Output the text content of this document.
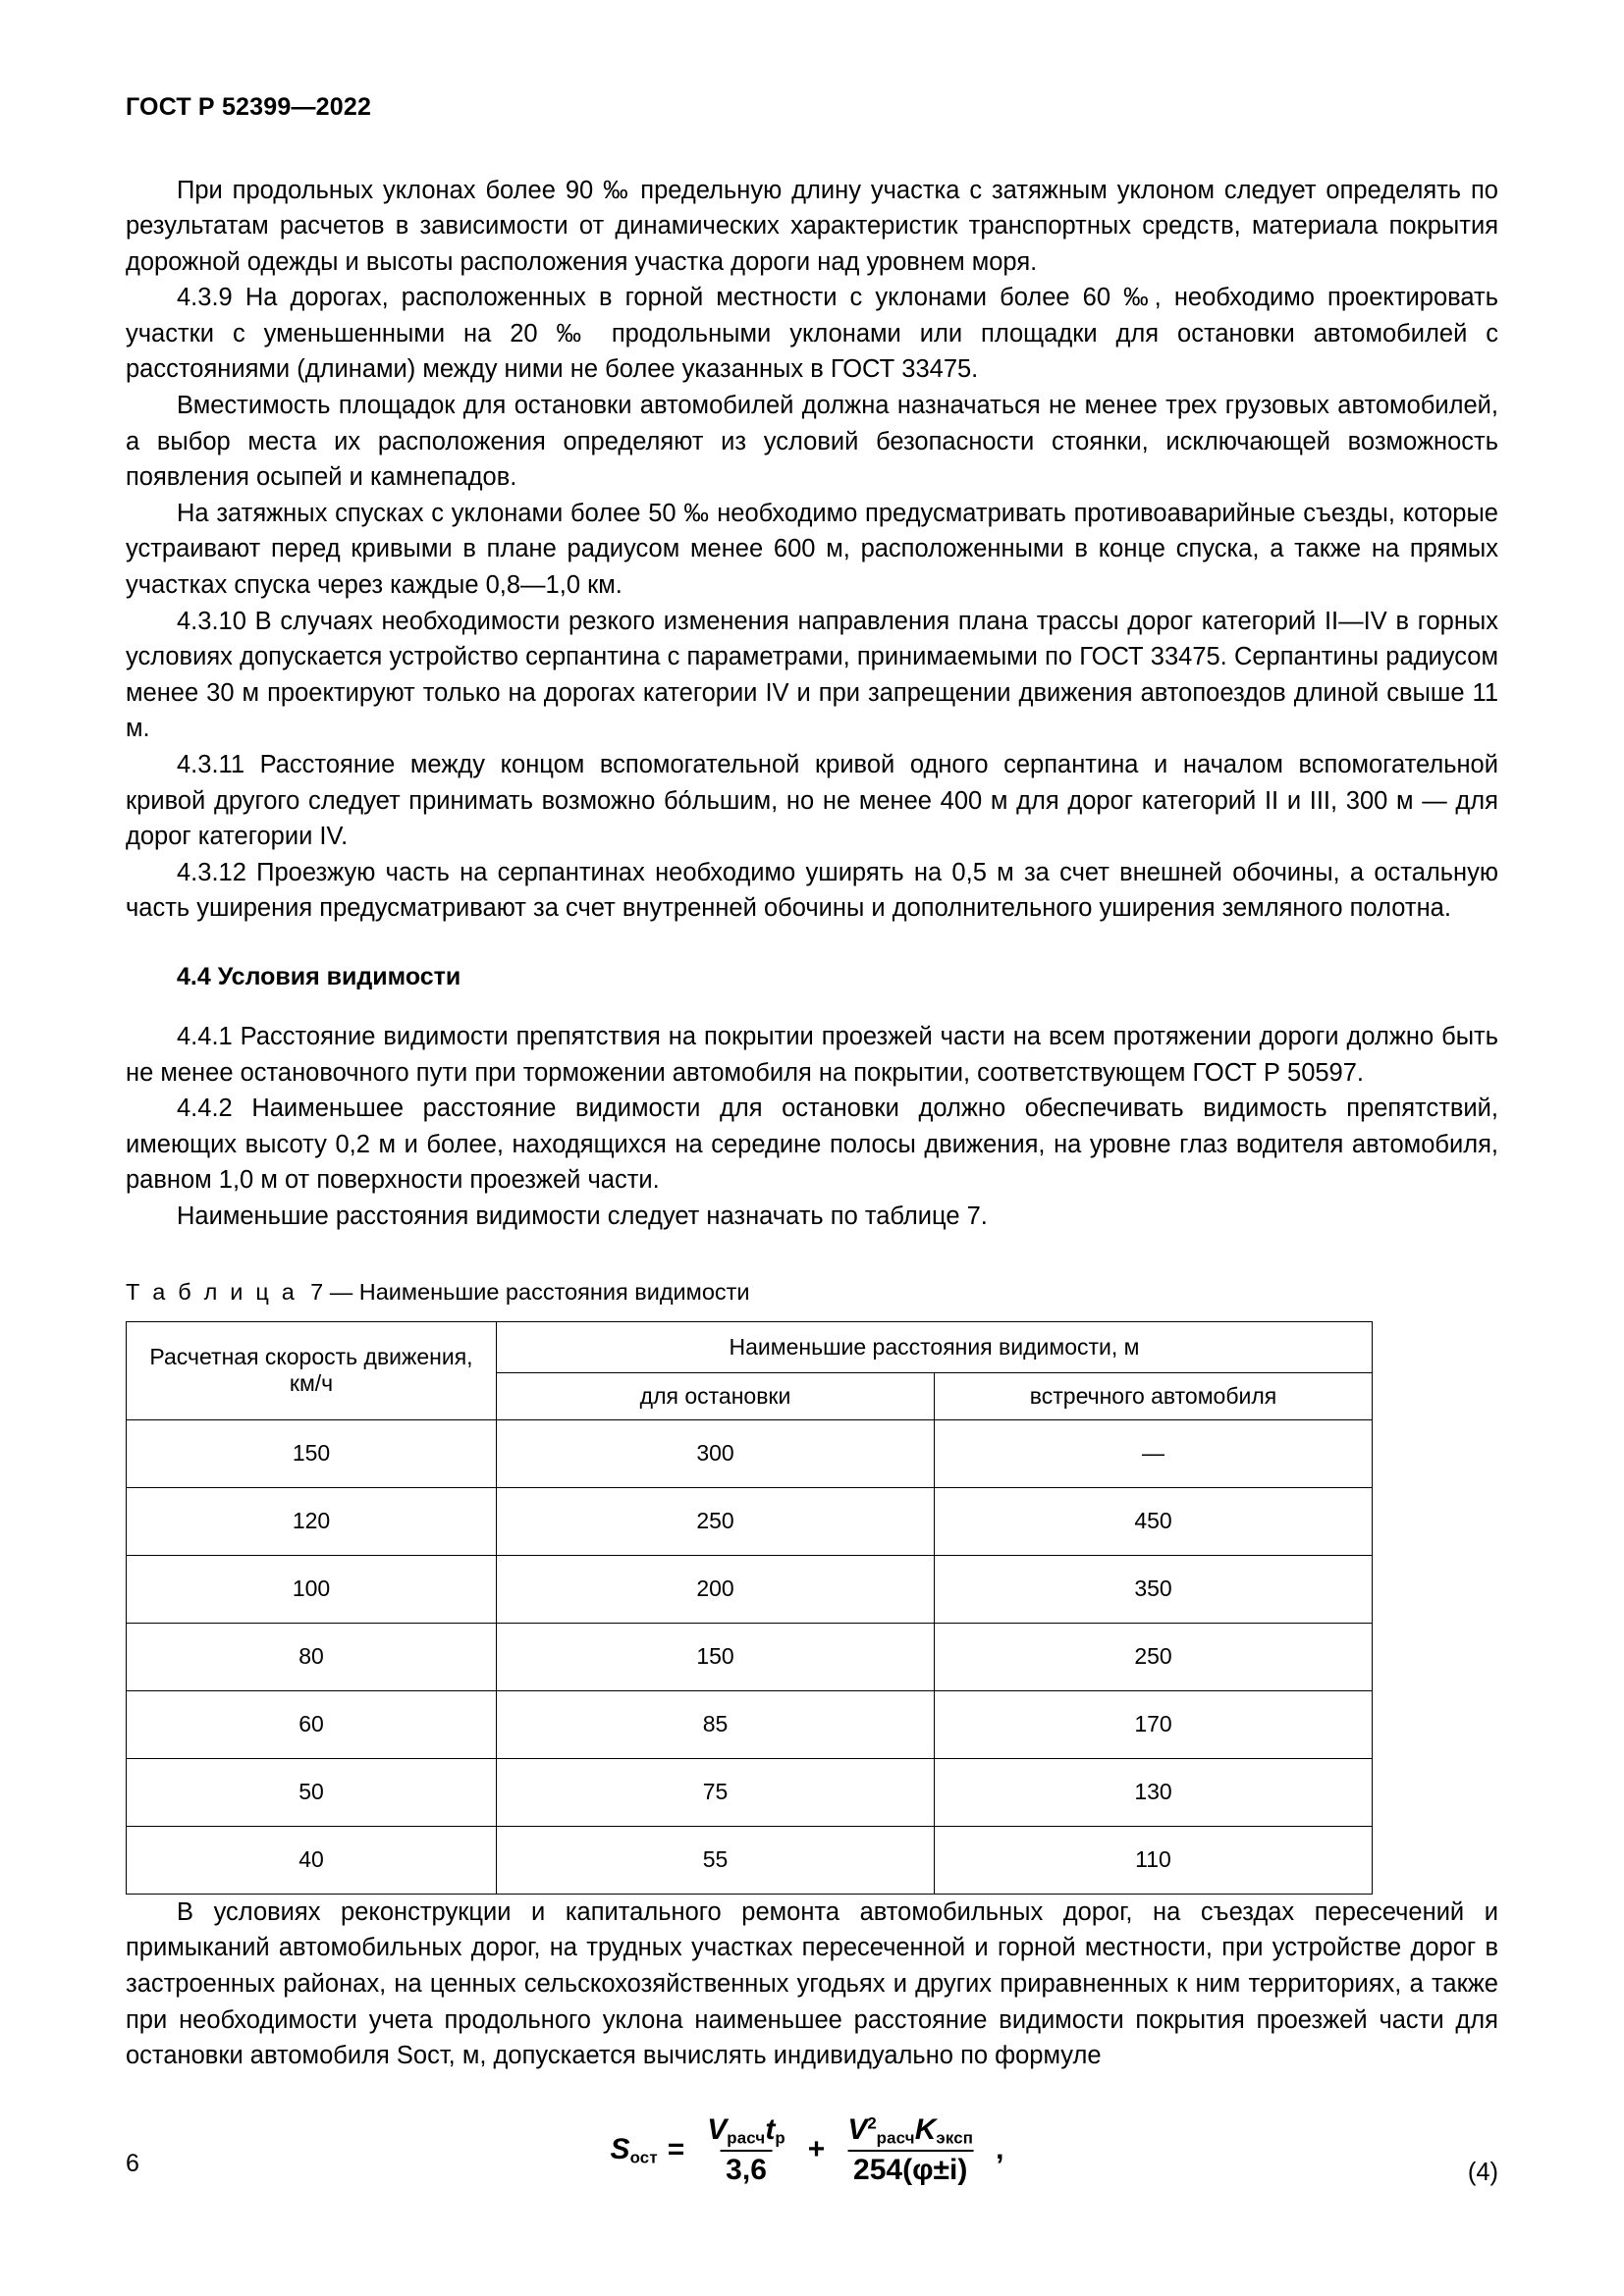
ГОСТ Р 52399—2022

При продольных уклонах более 90 ‰ предельную длину участка с затяжным уклоном следует определять по результатам расчетов в зависимости от динамических характеристик транспортных средств, материала покрытия дорожной одежды и высоты расположения участка дороги над уровнем моря.

4.3.9 На дорогах, расположенных в горной местности с уклонами более 60 ‰, необходимо проектировать участки с уменьшенными на 20 ‰ продольными уклонами или площадки для остановки автомобилей с расстояниями (длинами) между ними не более указанных в ГОСТ 33475.

Вместимость площадок для остановки автомобилей должна назначаться не менее трех грузовых автомобилей, а выбор места их расположения определяют из условий безопасности стоянки, исключающей возможность появления осыпей и камнепадов.

На затяжных спусках с уклонами более 50 ‰ необходимо предусматривать противоаварийные съезды, которые устраивают перед кривыми в плане радиусом менее 600 м, расположенными в конце спуска, а также на прямых участках спуска через каждые 0,8—1,0 км.

4.3.10 В случаях необходимости резкого изменения направления плана трассы дорог категорий II—IV в горных условиях допускается устройство серпантина с параметрами, принимаемыми по ГОСТ 33475. Серпантины радиусом менее 30 м проектируют только на дорогах категории IV и при запрещении движения автопоездов длиной свыше 11 м.

4.3.11 Расстояние между концом вспомогательной кривой одного серпантина и началом вспомогательной кривой другого следует принимать возможно бо́льшим, но не менее 400 м для дорог категорий II и III, 300 м — для дорог категории IV.

4.3.12 Проезжую часть на серпантинах необходимо уширять на 0,5 м за счет внешней обочины, а остальную часть уширения предусматривают за счет внутренней обочины и дополнительного уширения земляного полотна.

4.4 Условия видимости

4.4.1 Расстояние видимости препятствия на покрытии проезжей части на всем протяжении дороги должно быть не менее остановочного пути при торможении автомобиля на покрытии, соответствующем ГОСТ Р 50597.

4.4.2 Наименьшее расстояние видимости для остановки должно обеспечивать видимость препятствий, имеющих высоту 0,2 м и более, находящихся на середине полосы движения, на уровне глаз водителя автомобиля, равном 1,0 м от поверхности проезжей части.

Наименьшие расстояния видимости следует назначать по таблице 7.

Т а б л и ц а 7 — Наименьшие расстояния видимости
Расчетная скорость движения, км/ч	Наименьшие расстояния видимости, м	
	для остановки	встречного автомобиля
150	300	—
120	250	450
100	200	350
80	150	250
60	85	170
50	75	130
40	55	110

В условиях реконструкции и капитального ремонта автомобильных дорог, на съездах пересечений и примыканий автомобильных дорог, на трудных участках пересеченной и горной местности, при устройстве дорог в застроенных районах, на ценных сельскохозяйственных угодьях и других приравненных к ним территориях, а также при необходимости учета продольного уклона наименьшее расстояние видимости покрытия проезжей части для остановки автомобиля Sост, м, допускается вычислять индивидуально по формуле

$S_{ост} = \frac{V_{расч}t_р}{3,6} + \frac{V^2_{расч}K_{эксп}}{254(\varphi\pm i)}$ ,
(4)
6
